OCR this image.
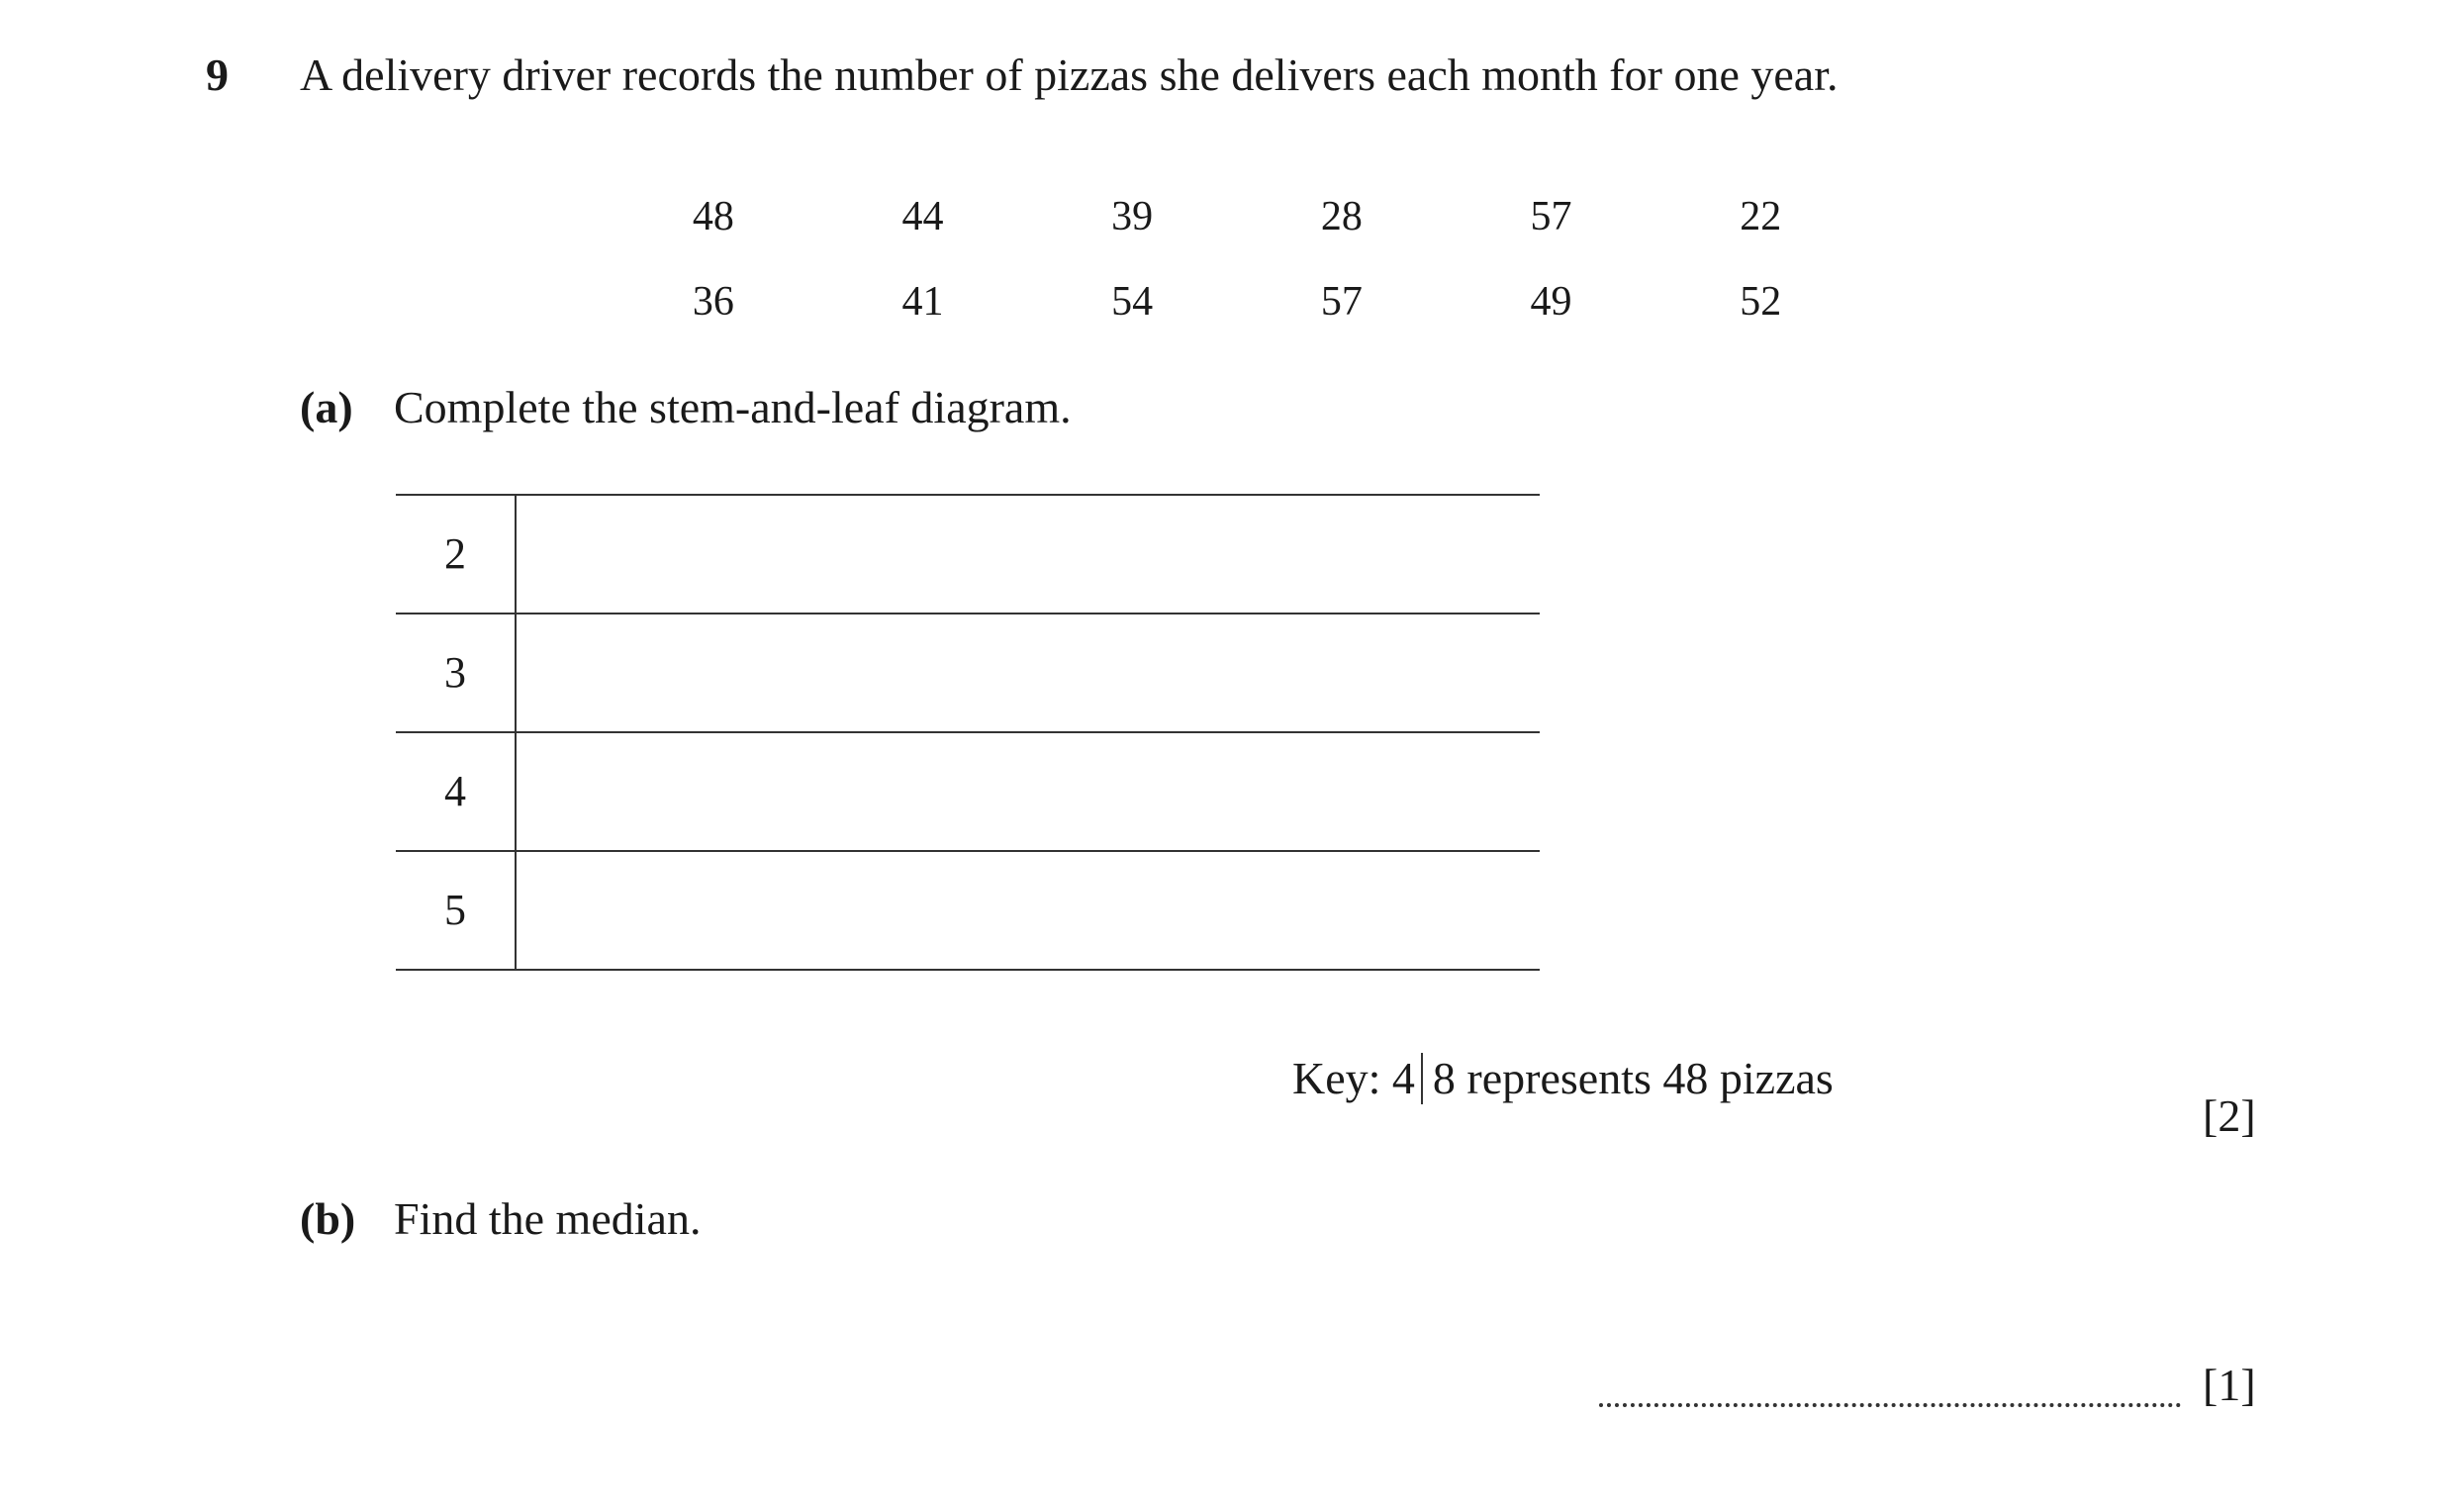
9 A delivery driver records the number of pizzas she delivers each month for one year.
48	44	39	28	57	22
36	41	54	57	49	52
(a) Complete the stem-and-leaf diagram.
2
3
4
5
Key: 4 8 represents 48 pizzas
[2]
(b) Find the median.
[1]
